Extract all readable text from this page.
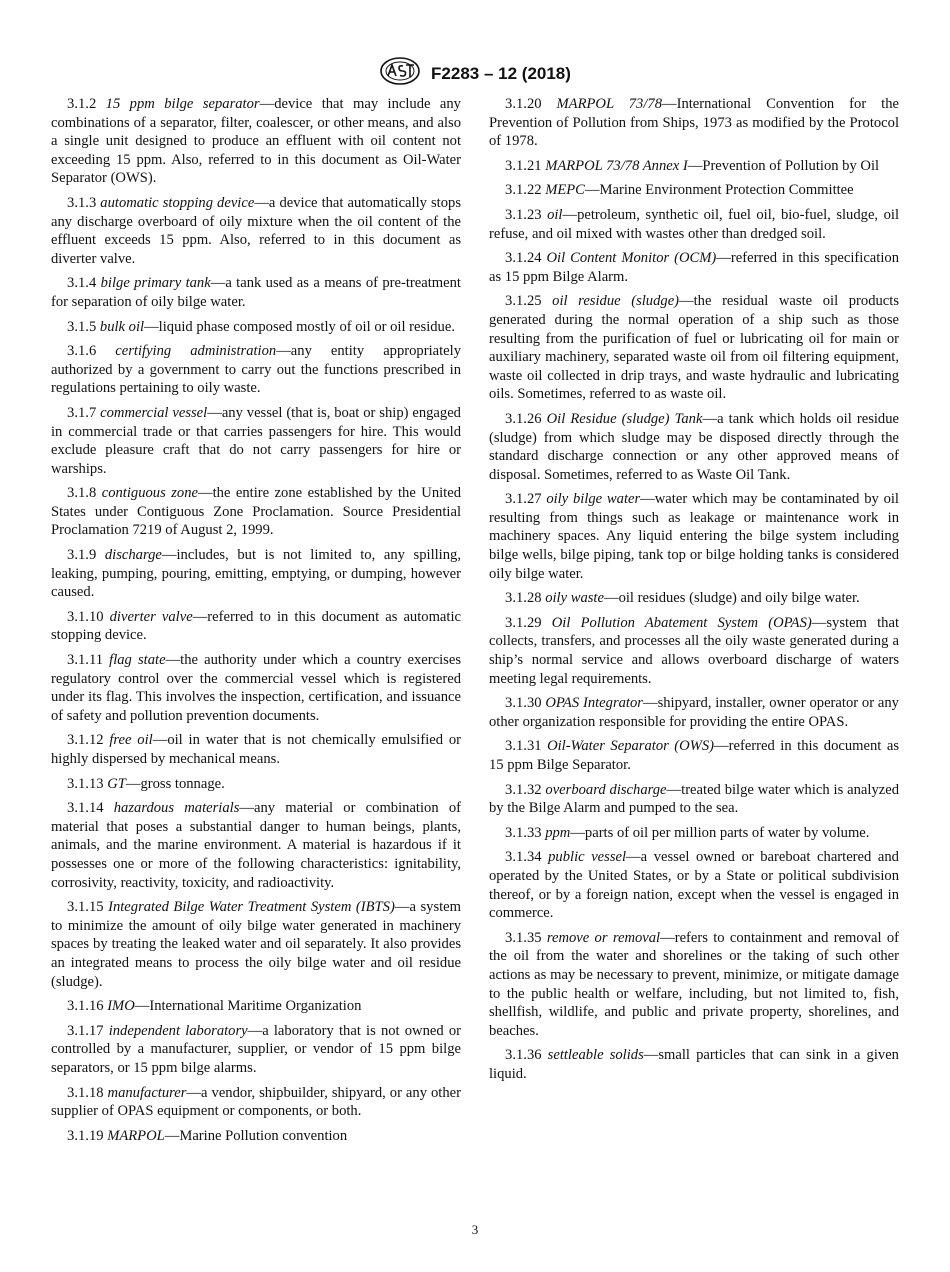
F2283 – 12 (2018)

3.1.2 15 ppm bilge separator—device that may include any combinations of a separator, filter, coalescer, or other means, and also a single unit designed to produce an effluent with oil content not exceeding 15 ppm. Also, referred to in this document as Oil-Water Separator (OWS).

3.1.3 automatic stopping device—a device that automatically stops any discharge overboard of oily mixture when the oil content of the effluent exceeds 15 ppm. Also, referred to in this document as diverter valve.

3.1.4 bilge primary tank—a tank used as a means of pre-treatment for separation of oily bilge water.

3.1.5 bulk oil—liquid phase composed mostly of oil or oil residue.

3.1.6 certifying administration—any entity appropriately authorized by a government to carry out the functions prescribed in regulations pertaining to oily waste.

3.1.7 commercial vessel—any vessel (that is, boat or ship) engaged in commercial trade or that carries passengers for hire. This would exclude pleasure craft that do not carry passengers for hire or warships.

3.1.8 contiguous zone—the entire zone established by the United States under Contiguous Zone Proclamation. Source Presidential Proclamation 7219 of August 2, 1999.

3.1.9 discharge—includes, but is not limited to, any spilling, leaking, pumping, pouring, emitting, emptying, or dumping, however caused.

3.1.10 diverter valve—referred to in this document as automatic stopping device.

3.1.11 flag state—the authority under which a country exercises regulatory control over the commercial vessel which is registered under its flag. This involves the inspection, certification, and issuance of safety and pollution prevention documents.

3.1.12 free oil—oil in water that is not chemically emulsified or highly dispersed by mechanical means.

3.1.13 GT—gross tonnage.

3.1.14 hazardous materials—any material or combination of material that poses a substantial danger to human beings, plants, animals, and the marine environment. A material is hazardous if it possesses one or more of the following characteristics: ignitability, corrosivity, reactivity, toxicity, and radioactivity.

3.1.15 Integrated Bilge Water Treatment System (IBTS)—a system to minimize the amount of oily bilge water generated in machinery spaces by treating the leaked water and oil separately. It also provides an integrated means to process the oily bilge water and oil residue (sludge).

3.1.16 IMO—International Maritime Organization

3.1.17 independent laboratory—a laboratory that is not owned or controlled by a manufacturer, supplier, or vendor of 15 ppm bilge separators, or 15 ppm bilge alarms.

3.1.18 manufacturer—a vendor, shipbuilder, shipyard, or any other supplier of OPAS equipment or components, or both.

3.1.19 MARPOL—Marine Pollution convention

3.1.20 MARPOL 73/78—International Convention for the Prevention of Pollution from Ships, 1973 as modified by the Protocol of 1978.

3.1.21 MARPOL 73/78 Annex I—Prevention of Pollution by Oil

3.1.22 MEPC—Marine Environment Protection Committee

3.1.23 oil—petroleum, synthetic oil, fuel oil, bio-fuel, sludge, oil refuse, and oil mixed with wastes other than dredged soil.

3.1.24 Oil Content Monitor (OCM)—referred in this specification as 15 ppm Bilge Alarm.

3.1.25 oil residue (sludge)—the residual waste oil products generated during the normal operation of a ship such as those resulting from the purification of fuel or lubricating oil for main or auxiliary machinery, separated waste oil from oil filtering equipment, waste oil collected in drip trays, and waste hydraulic and lubricating oils. Sometimes, referred to as waste oil.

3.1.26 Oil Residue (sludge) Tank—a tank which holds oil residue (sludge) from which sludge may be disposed directly through the standard discharge connection or any other approved means of disposal. Sometimes, referred to as Waste Oil Tank.

3.1.27 oily bilge water—water which may be contaminated by oil resulting from things such as leakage or maintenance work in machinery spaces. Any liquid entering the bilge system including bilge wells, bilge piping, tank top or bilge holding tanks is considered oily bilge water.

3.1.28 oily waste—oil residues (sludge) and oily bilge water.

3.1.29 Oil Pollution Abatement System (OPAS)—system that collects, transfers, and processes all the oily waste generated during a ship’s normal service and allows overboard discharge of waters meeting legal requirements.

3.1.30 OPAS Integrator—shipyard, installer, owner operator or any other organization responsible for providing the entire OPAS.

3.1.31 Oil-Water Separator (OWS)—referred in this document as 15 ppm Bilge Separator.

3.1.32 overboard discharge—treated bilge water which is analyzed by the Bilge Alarm and pumped to the sea.

3.1.33 ppm—parts of oil per million parts of water by volume.

3.1.34 public vessel—a vessel owned or bareboat chartered and operated by the United States, or by a State or political subdivision thereof, or by a foreign nation, except when the vessel is engaged in commerce.

3.1.35 remove or removal—refers to containment and removal of the oil from the water and shorelines or the taking of such other actions as may be necessary to prevent, minimize, or mitigate damage to the public health or welfare, including, but not limited to, fish, shellfish, wildlife, and public and private property, shorelines, and beaches.

3.1.36 settleable solids—small particles that can sink in a given liquid.

3
